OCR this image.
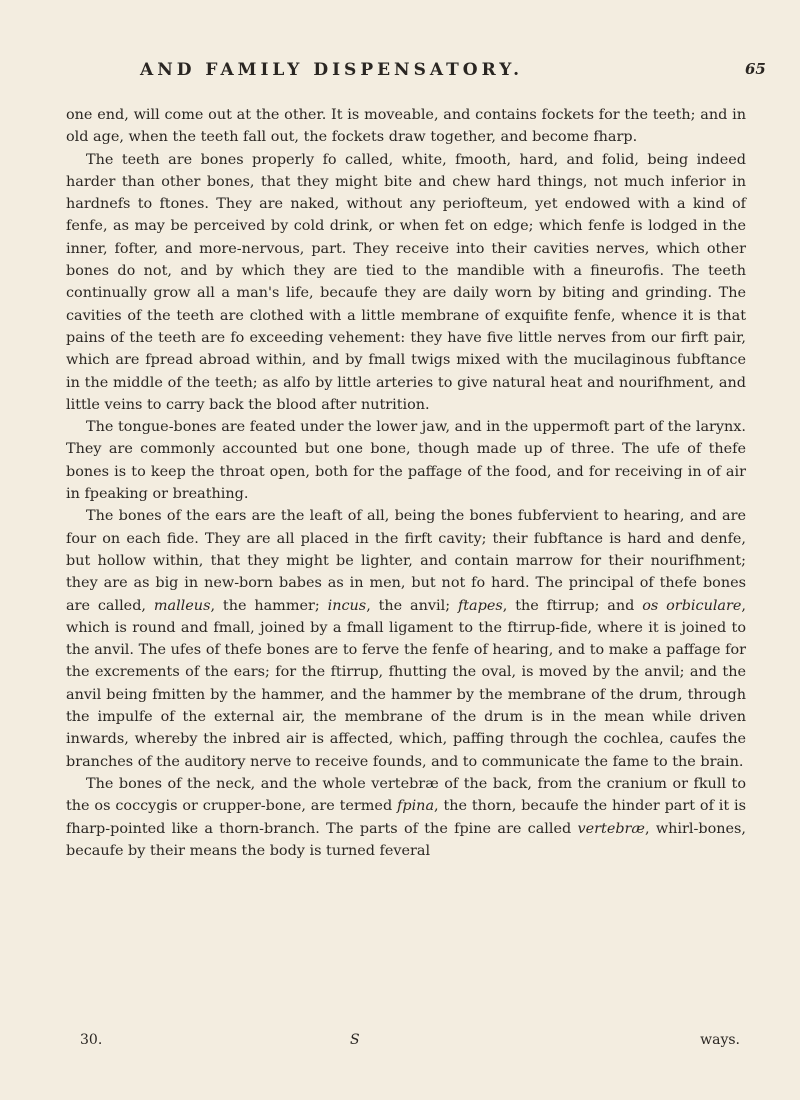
AND FAMILY DISPENSATORY.	65

one end, will come out at the other. It is moveable, and contains fockets for the teeth; and in old age, when the teeth fall out, the fockets draw together, and become fharp.

The teeth are bones properly fo called, white, fmooth, hard, and folid, being indeed harder than other bones, that they might bite and chew hard things, not much inferior in hardnefs to ftones. They are naked, without any periofteum, yet endowed with a kind of fenfe, as may be perceived by cold drink, or when fet on edge; which fenfe is lodged in the inner, fofter, and more-nervous, part. They receive into their cavities nerves, which other bones do not, and by which they are tied to the mandible with a fineurofis. The teeth continually grow all a man's life, becaufe they are daily worn by biting and grinding. The cavities of the teeth are clothed with a little membrane of exquifite fenfe, whence it is that pains of the teeth are fo exceeding vehement: they have five little nerves from our firft pair, which are fpread abroad within, and by fmall twigs mixed with the mucilaginous fubftance in the middle of the teeth; as alfo by little arteries to give natural heat and nourifhment, and little veins to carry back the blood after nutrition.

The tongue-bones are feated under the lower jaw, and in the uppermoft part of the larynx. They are commonly accounted but one bone, though made up of three. The ufe of thefe bones is to keep the throat open, both for the paffage of the food, and for receiving in of air in fpeaking or breathing.

The bones of the ears are the leaft of all, being the bones fubfervient to hearing, and are four on each fide. They are all placed in the firft cavity; their fubftance is hard and denfe, but hollow within, that they might be lighter, and contain marrow for their nourifhment; they are as big in new-born babes as in men, but not fo hard. The principal of thefe bones are called, malleus, the hammer; incus, the anvil; ftapes, the ftirrup; and os orbiculare, which is round and fmall, joined by a fmall ligament to the ftirrup-fide, where it is joined to the anvil. The ufes of thefe bones are to ferve the fenfe of hearing, and to make a paffage for the excrements of the ears; for the ftirrup, fhutting the oval, is moved by the anvil; and the anvil being fmitten by the hammer, and the hammer by the membrane of the drum, through the impulfe of the external air, the membrane of the drum is in the mean while driven inwards, whereby the inbred air is affected, which, paffing through the cochlea, caufes the branches of the auditory nerve to receive founds, and to communicate the fame to the brain.

The bones of the neck, and the whole vertebræ of the back, from the cranium or fkull to the os coccygis or crupper-bone, are termed fpina, the thorn, becaufe the hinder part of it is fharp-pointed like a thorn-branch. The parts of the fpine are called vertebræ, whirl-bones, becaufe by their means the body is turned feveral

30.	S	ways.
